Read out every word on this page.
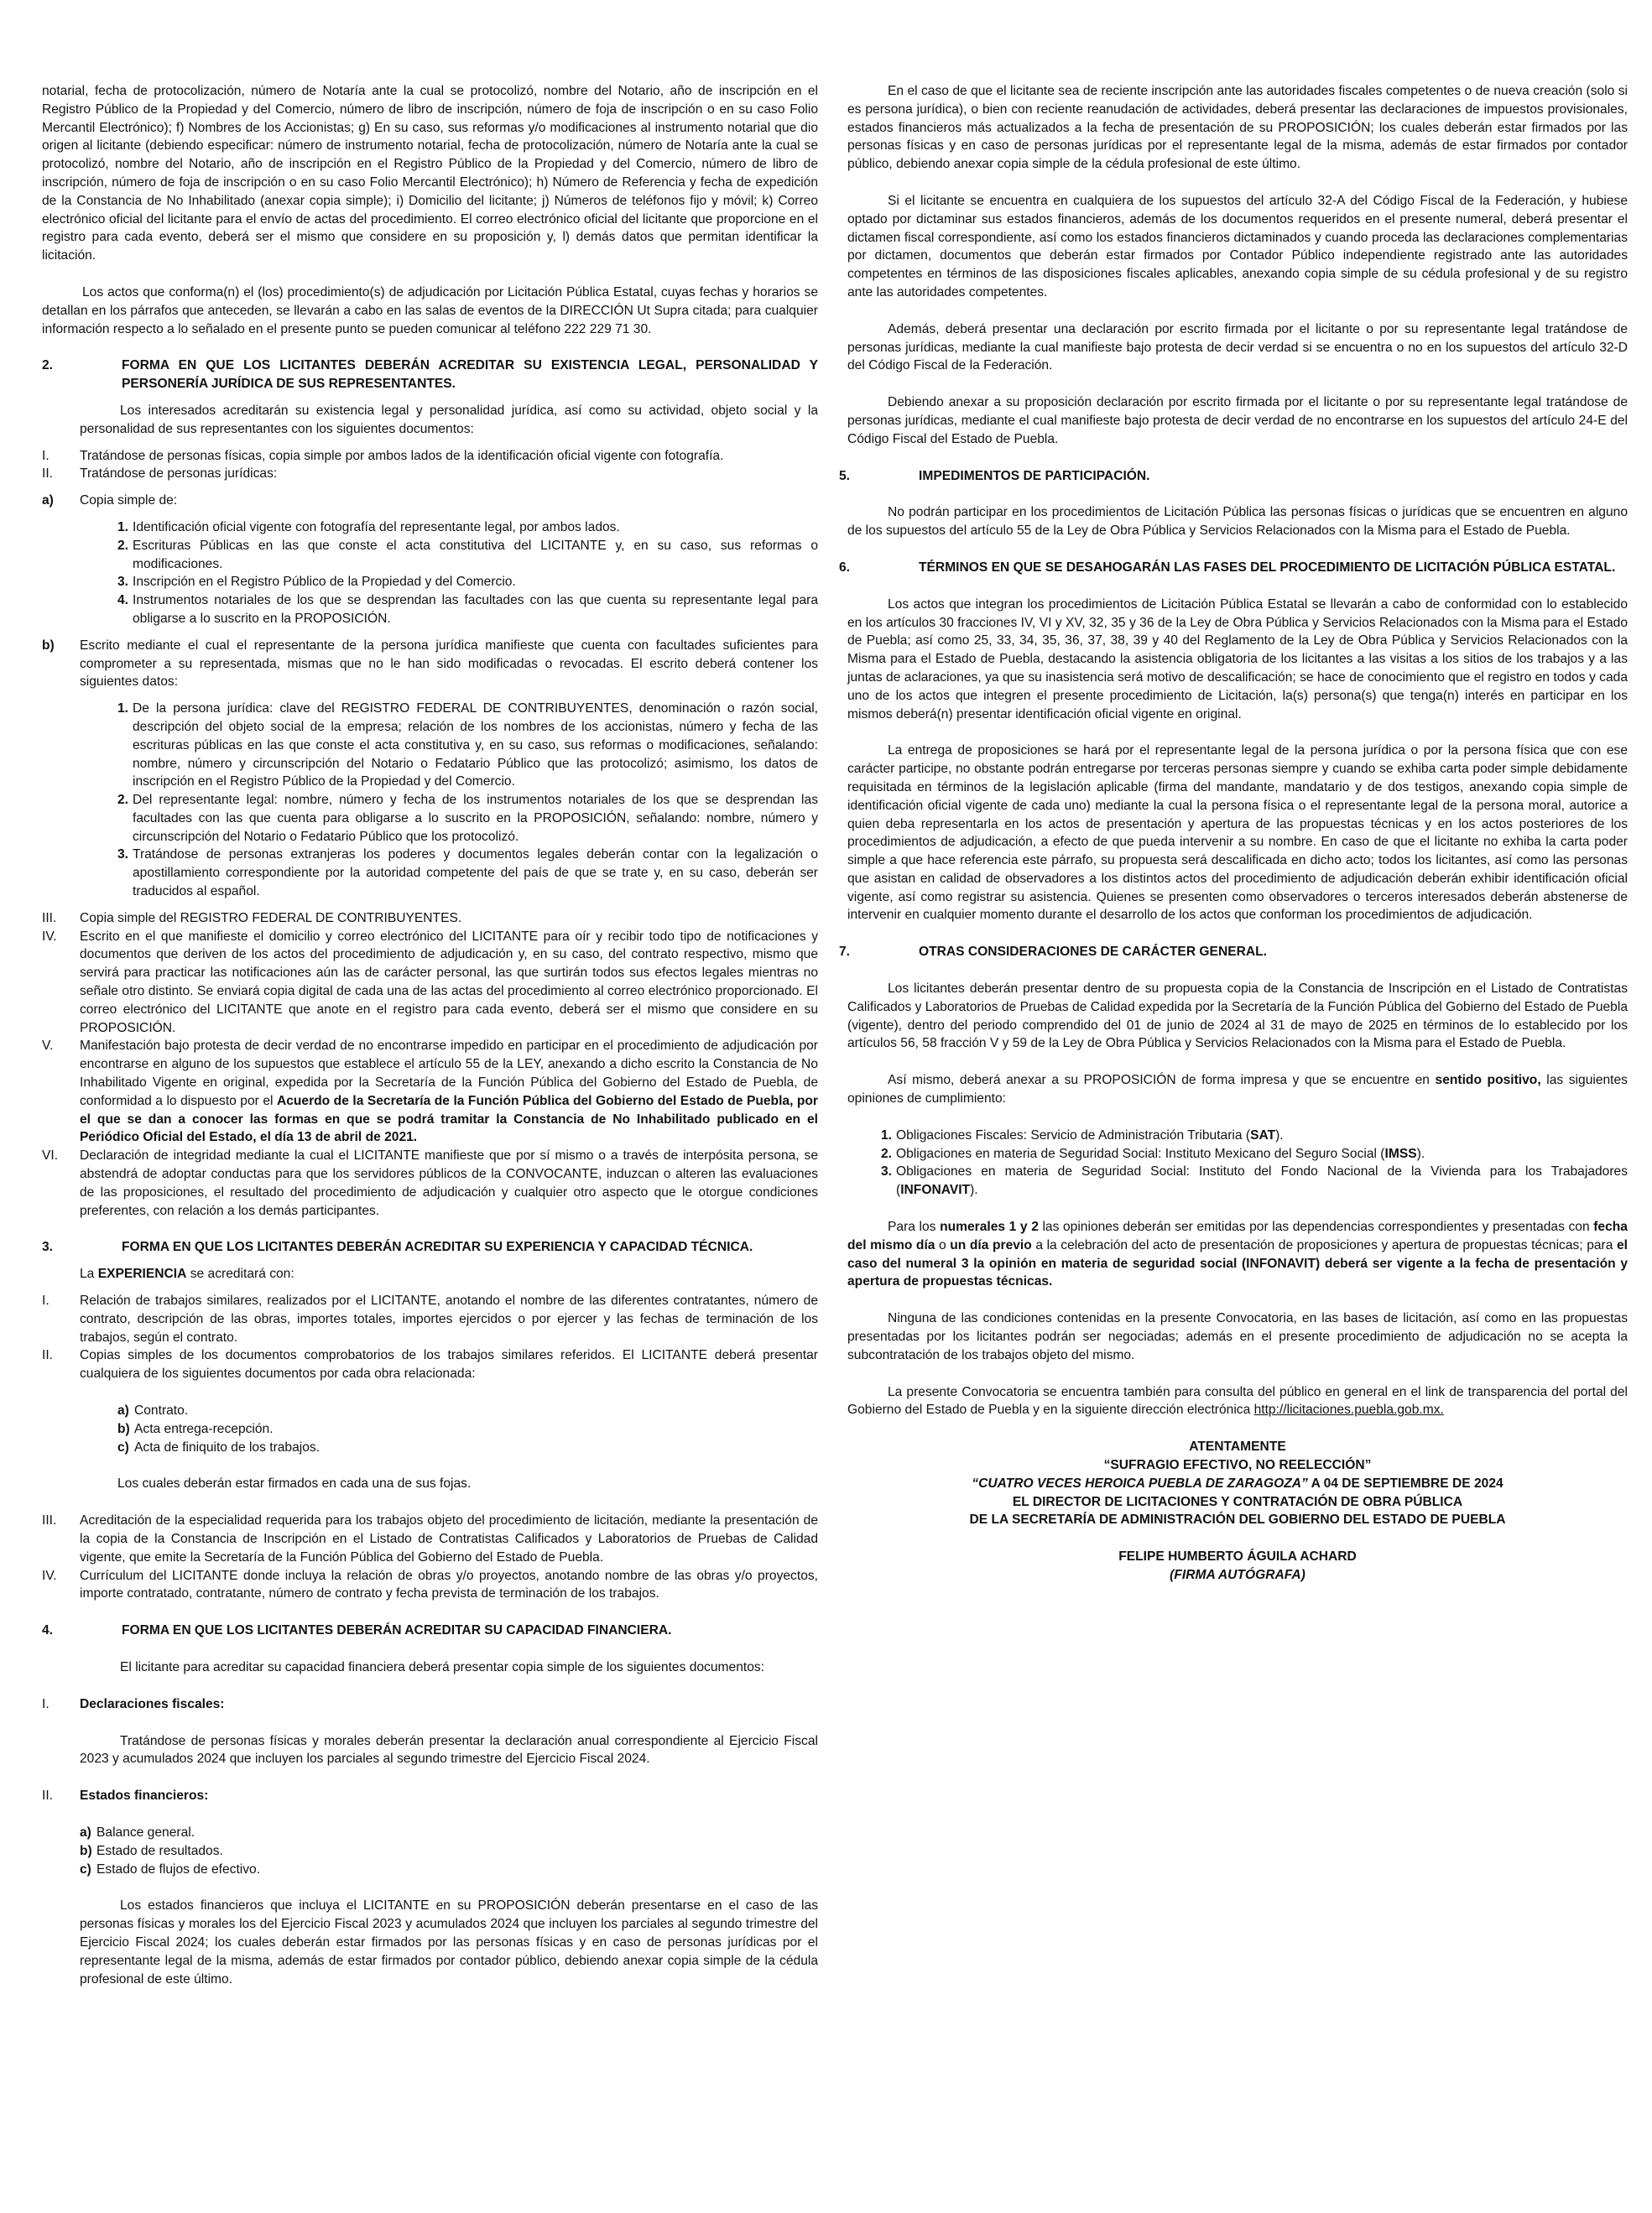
notarial, fecha de protocolización, número de Notaría ante la cual se protocolizó, nombre del Notario, año de inscripción en el Registro Público de la Propiedad y del Comercio, número de libro de inscripción, número de foja de inscripción o en su caso Folio Mercantil Electrónico); f) Nombres de los Accionistas; g) En su caso, sus reformas y/o modificaciones al instrumento notarial que dio origen al licitante (debiendo especificar: número de instrumento notarial, fecha de protocolización, número de Notaría ante la cual se protocolizó, nombre del Notario, año de inscripción en el Registro Público de la Propiedad y del Comercio, número de libro de inscripción, número de foja de inscripción o en su caso Folio Mercantil Electrónico); h) Número de Referencia y fecha de expedición de la Constancia de No Inhabilitado (anexar copia simple); i) Domicilio del licitante; j) Números de teléfonos fijo y móvil; k) Correo electrónico oficial del licitante para el envío de actas del procedimiento. El correo electrónico oficial del licitante que proporcione en el registro para cada evento, deberá ser el mismo que considere en su proposición y, l) demás datos que permitan identificar la licitación.

Los actos que conforma(n) el (los) procedimiento(s) de adjudicación por Licitación Pública Estatal, cuyas fechas y horarios se detallan en los párrafos que anteceden, se llevarán a cabo en las salas de eventos de la DIRECCIÓN Ut Supra citada; para cualquier información respecto a lo señalado en el presente punto se pueden comunicar al teléfono 222 229 71 30.

2.	FORMA EN QUE LOS LICITANTES DEBERÁN ACREDITAR SU EXISTENCIA LEGAL, PERSONALIDAD Y PERSONERÍA JURÍDICA DE SUS REPRESENTANTES.

Los interesados acreditarán su existencia legal y personalidad jurídica, así como su actividad, objeto social y la personalidad de sus representantes con los siguientes documentos:

I.	Tratándose de personas físicas, copia simple por ambos lados de la identificación oficial vigente con fotografía.
II.	Tratándose de personas jurídicas:
a)	Copia simple de:
1. Identificación oficial vigente con fotografía del representante legal, por ambos lados.
2. Escrituras Públicas en las que conste el acta constitutiva del LICITANTE y, en su caso, sus reformas o modificaciones.
3. Inscripción en el Registro Público de la Propiedad y del Comercio.
4. Instrumentos notariales de los que se desprendan las facultades con las que cuenta su representante legal para obligarse a lo suscrito en la PROPOSICIÓN.
b)	Escrito mediante el cual el representante de la persona jurídica manifieste que cuenta con facultades suficientes para comprometer a su representada, mismas que no le han sido modificadas o revocadas. El escrito deberá contener los siguientes datos:
1. De la persona jurídica: clave del REGISTRO FEDERAL DE CONTRIBUYENTES, denominación o razón social, descripción del objeto social de la empresa; relación de los nombres de los accionistas, número y fecha de las escrituras públicas en las que conste el acta constitutiva y, en su caso, sus reformas o modificaciones, señalando: nombre, número y circunscripción del Notario o Fedatario Público que las protocolizó; asimismo, los datos de inscripción en el Registro Público de la Propiedad y del Comercio.
2. Del representante legal: nombre, número y fecha de los instrumentos notariales de los que se desprendan las facultades con las que cuenta para obligarse a lo suscrito en la PROPOSICIÓN, señalando: nombre, número y circunscripción del Notario o Fedatario Público que los protocolizó.
3. Tratándose de personas extranjeras los poderes y documentos legales deberán contar con la legalización o apostillamiento correspondiente por la autoridad competente del país de que se trate y, en su caso, deberán ser traducidos al español.
III.	Copia simple del REGISTRO FEDERAL DE CONTRIBUYENTES.
IV.	Escrito en el que manifieste el domicilio y correo electrónico del LICITANTE para oír y recibir todo tipo de notificaciones y documentos que deriven de los actos del procedimiento de adjudicación y, en su caso, del contrato respectivo, mismo que servirá para practicar las notificaciones aún las de carácter personal, las que surtirán todos sus efectos legales mientras no señale otro distinto. Se enviará copia digital de cada una de las actas del procedimiento al correo electrónico proporcionado. El correo electrónico del LICITANTE que anote en el registro para cada evento, deberá ser el mismo que considere en su PROPOSICIÓN.
V.	Manifestación bajo protesta de decir verdad de no encontrarse impedido en participar en el procedimiento de adjudicación por encontrarse en alguno de los supuestos que establece el artículo 55 de la LEY, anexando a dicho escrito la Constancia de No Inhabilitado Vigente en original, expedida por la Secretaría de la Función Pública del Gobierno del Estado de Puebla, de conformidad a lo dispuesto por el Acuerdo de la Secretaría de la Función Pública del Gobierno del Estado de Puebla, por el que se dan a conocer las formas en que se podrá tramitar la Constancia de No Inhabilitado publicado en el Periódico Oficial del Estado, el día 13 de abril de 2021.
VI.	Declaración de integridad mediante la cual el LICITANTE manifieste que por sí mismo o a través de interpósita persona, se abstendrá de adoptar conductas para que los servidores públicos de la CONVOCANTE, induzcan o alteren las evaluaciones de las proposiciones, el resultado del procedimiento de adjudicación y cualquier otro aspecto que le otorgue condiciones preferentes, con relación a los demás participantes.
3.	FORMA EN QUE LOS LICITANTES DEBERÁN ACREDITAR SU EXPERIENCIA Y CAPACIDAD TÉCNICA.

La EXPERIENCIA se acreditará con:

I.	Relación de trabajos similares, realizados por el LICITANTE, anotando el nombre de las diferentes contratantes, número de contrato, descripción de las obras, importes totales, importes ejercidos o por ejercer y las fechas de terminación de los trabajos, según el contrato.
II.	Copias simples de los documentos comprobatorios de los trabajos similares referidos. El LICITANTE deberá presentar cualquiera de los siguientes documentos por cada obra relacionada:
a) Contrato.
b) Acta entrega-recepción.
c) Acta de finiquito de los trabajos.

Los cuales deberán estar firmados en cada una de sus fojas.

III.	Acreditación de la especialidad requerida para los trabajos objeto del procedimiento de licitación, mediante la presentación de la copia de la Constancia de Inscripción en el Listado de Contratistas Calificados y Laboratorios de Pruebas de Calidad vigente, que emite la Secretaría de la Función Pública del Gobierno del Estado de Puebla.
IV.	Currículum del LICITANTE donde incluya la relación de obras y/o proyectos, anotando nombre de las obras y/o proyectos, importe contratado, contratante, número de contrato y fecha prevista de terminación de los trabajos.
4.	FORMA EN QUE LOS LICITANTES DEBERÁN ACREDITAR SU CAPACIDAD FINANCIERA.

El licitante para acreditar su capacidad financiera deberá presentar copia simple de los siguientes documentos:

I.	Declaraciones fiscales:

Tratándose de personas físicas y morales deberán presentar la declaración anual correspondiente al Ejercicio Fiscal 2023 y acumulados 2024 que incluyen los parciales al segundo trimestre del Ejercicio Fiscal 2024.

II.	Estados financieros:
a) Balance general.
b) Estado de resultados.
c) Estado de flujos de efectivo.

Los estados financieros que incluya el LICITANTE en su PROPOSICIÓN deberán presentarse en el caso de las personas físicas y morales los del Ejercicio Fiscal 2023 y acumulados 2024 que incluyen los parciales al segundo trimestre del Ejercicio Fiscal 2024; los cuales deberán estar firmados por las personas físicas y en caso de personas jurídicas por el representante legal de la misma, además de estar firmados por contador público, debiendo anexar copia simple de la cédula profesional de este último.

En el caso de que el licitante sea de reciente inscripción ante las autoridades fiscales competentes o de nueva creación (solo si es persona jurídica), o bien con reciente reanudación de actividades, deberá presentar las declaraciones de impuestos provisionales, estados financieros más actualizados a la fecha de presentación de su PROPOSICIÓN; los cuales deberán estar firmados por las personas físicas y en caso de personas jurídicas por el representante legal de la misma, además de estar firmados por contador público, debiendo anexar copia simple de la cédula profesional de este último.

Si el licitante se encuentra en cualquiera de los supuestos del artículo 32-A del Código Fiscal de la Federación, y hubiese optado por dictaminar sus estados financieros, además de los documentos requeridos en el presente numeral, deberá presentar el dictamen fiscal correspondiente, así como los estados financieros dictaminados y cuando proceda las declaraciones complementarias por dictamen, documentos que deberán estar firmados por Contador Público independiente registrado ante las autoridades competentes en términos de las disposiciones fiscales aplicables, anexando copia simple de su cédula profesional y de su registro ante las autoridades competentes.

Además, deberá presentar una declaración por escrito firmada por el licitante o por su representante legal tratándose de personas jurídicas, mediante la cual manifieste bajo protesta de decir verdad si se encuentra o no en los supuestos del artículo 32-D del Código Fiscal de la Federación.

Debiendo anexar a su proposición declaración por escrito firmada por el licitante o por su representante legal tratándose de personas jurídicas, mediante el cual manifieste bajo protesta de decir verdad de no encontrarse en los supuestos del artículo 24-E del Código Fiscal del Estado de Puebla.

5.	IMPEDIMENTOS DE PARTICIPACIÓN.

No podrán participar en los procedimientos de Licitación Pública las personas físicas o jurídicas que se encuentren en alguno de los supuestos del artículo 55 de la Ley de Obra Pública y Servicios Relacionados con la Misma para el Estado de Puebla.

6.	TÉRMINOS EN QUE SE DESAHOGARÁN LAS FASES DEL PROCEDIMIENTO DE LICITACIÓN PÚBLICA ESTATAL.

Los actos que integran los procedimientos de Licitación Pública Estatal se llevarán a cabo de conformidad con lo establecido en los artículos 30 fracciones IV, VI y XV, 32, 35 y 36 de la Ley de Obra Pública y Servicios Relacionados con la Misma para el Estado de Puebla; así como 25, 33, 34, 35, 36, 37, 38, 39 y 40 del Reglamento de la Ley de Obra Pública y Servicios Relacionados con la Misma para el Estado de Puebla, destacando la asistencia obligatoria de los licitantes a las visitas a los sitios de los trabajos y a las juntas de aclaraciones, ya que su inasistencia será motivo de descalificación; se hace de conocimiento que el registro en todos y cada uno de los actos que integren el presente procedimiento de Licitación, la(s) persona(s) que tenga(n) interés en participar en los mismos deberá(n) presentar identificación oficial vigente en original.

La entrega de proposiciones se hará por el representante legal de la persona jurídica o por la persona física que con ese carácter participe, no obstante podrán entregarse por terceras personas siempre y cuando se exhiba carta poder simple debidamente requisitada en términos de la legislación aplicable (firma del mandante, mandatario y de dos testigos, anexando copia simple de identificación oficial vigente de cada uno) mediante la cual la persona física o el representante legal de la persona moral, autorice a quien deba representarla en los actos de presentación y apertura de las propuestas técnicas y en los actos posteriores de los procedimientos de adjudicación, a efecto de que pueda intervenir a su nombre. En caso de que el licitante no exhiba la carta poder simple a que hace referencia este párrafo, su propuesta será descalificada en dicho acto; todos los licitantes, así como las personas que asistan en calidad de observadores a los distintos actos del procedimiento de adjudicación deberán exhibir identificación oficial vigente, así como registrar su asistencia. Quienes se presenten como observadores o terceros interesados deberán abstenerse de intervenir en cualquier momento durante el desarrollo de los actos que conforman los procedimientos de adjudicación.

7.	OTRAS CONSIDERACIONES DE CARÁCTER GENERAL.

Los licitantes deberán presentar dentro de su propuesta copia de la Constancia de Inscripción en el Listado de Contratistas Calificados y Laboratorios de Pruebas de Calidad expedida por la Secretaría de la Función Pública del Gobierno del Estado de Puebla (vigente), dentro del periodo comprendido del 01 de junio de 2024 al 31 de mayo de 2025 en términos de lo establecido por los artículos 56, 58 fracción V y 59 de la Ley de Obra Pública y Servicios Relacionados con la Misma para el Estado de Puebla.

Así mismo, deberá anexar a su PROPOSICIÓN de forma impresa y que se encuentre en sentido positivo, las siguientes opiniones de cumplimiento:

1. Obligaciones Fiscales: Servicio de Administración Tributaria (SAT).
2. Obligaciones en materia de Seguridad Social: Instituto Mexicano del Seguro Social (IMSS).
3. Obligaciones en materia de Seguridad Social: Instituto del Fondo Nacional de la Vivienda para los Trabajadores (INFONAVIT).

Para los numerales 1 y 2 las opiniones deberán ser emitidas por las dependencias correspondientes y presentadas con fecha del mismo día o un día previo a la celebración del acto de presentación de proposiciones y apertura de propuestas técnicas; para el caso del numeral 3 la opinión en materia de seguridad social (INFONAVIT) deberá ser vigente a la fecha de presentación y apertura de propuestas técnicas.

Ninguna de las condiciones contenidas en la presente Convocatoria, en las bases de licitación, así como en las propuestas presentadas por los licitantes podrán ser negociadas; además en el presente procedimiento de adjudicación no se acepta la subcontratación de los trabajos objeto del mismo.

La presente Convocatoria se encuentra también para consulta del público en general en el link de transparencia del portal del Gobierno del Estado de Puebla y en la siguiente dirección electrónica http://licitaciones.puebla.gob.mx.

ATENTAMENTE

“SUFRAGIO EFECTIVO, NO REELECCIÓN”

“CUATRO VECES HEROICA PUEBLA DE ZARAGOZA” A 04 DE SEPTIEMBRE DE 2024

EL DIRECTOR DE LICITACIONES Y CONTRATACIÓN DE OBRA PÚBLICA

DE LA SECRETARÍA DE ADMINISTRACIÓN DEL GOBIERNO DEL ESTADO DE PUEBLA

FELIPE HUMBERTO ÁGUILA ACHARD

(FIRMA AUTÓGRAFA)
